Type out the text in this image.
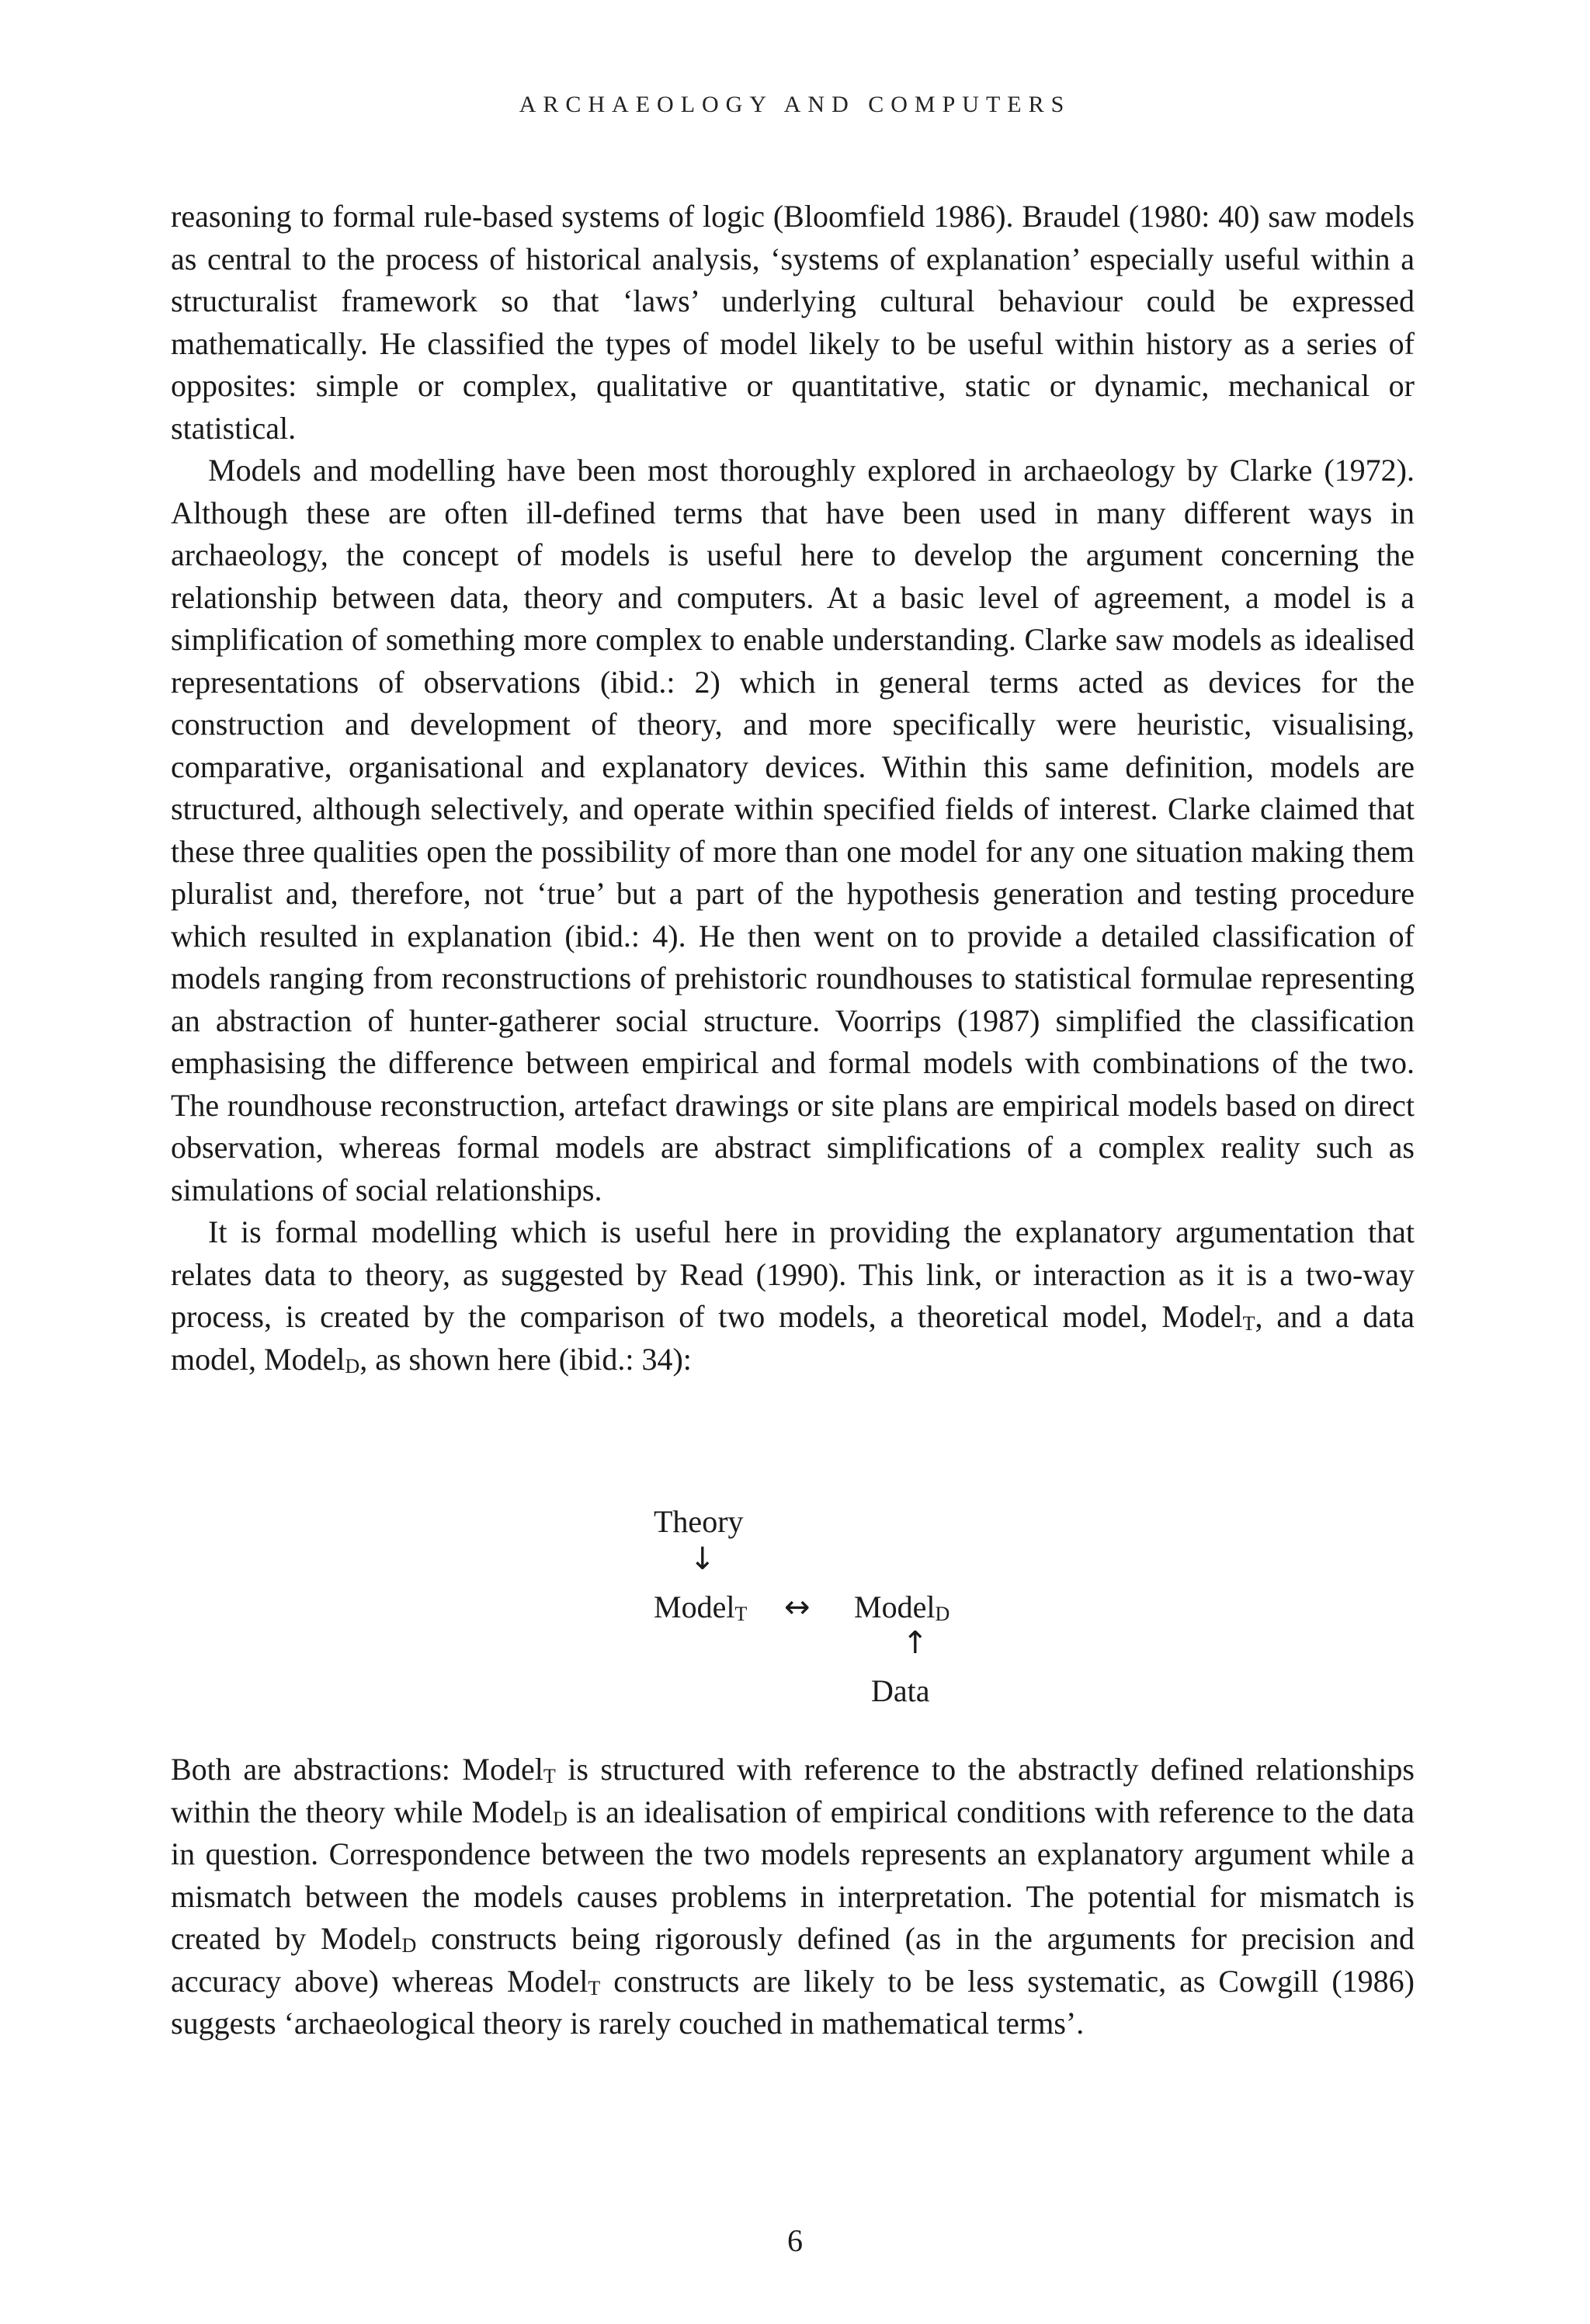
ARCHAEOLOGY AND COMPUTERS

reasoning to formal rule-based systems of logic (Bloomfield 1986). Braudel (1980: 40) saw models as central to the process of historical analysis, ‘systems of explanation’ especially useful within a structuralist framework so that ‘laws’ underlying cultural behaviour could be expressed mathematically. He classified the types of model likely to be useful within history as a series of opposites: simple or complex, qualitative or quantitative, static or dynamic, mechanical or statistical.

Models and modelling have been most thoroughly explored in archaeology by Clarke (1972). Although these are often ill-defined terms that have been used in many different ways in archaeology, the concept of models is useful here to develop the argument concerning the relationship between data, theory and computers. At a basic level of agreement, a model is a simplification of something more complex to enable understanding. Clarke saw models as idealised representations of observations (ibid.: 2) which in general terms acted as devices for the construction and development of theory, and more specifically were heuristic, visualising, comparative, organisational and explanatory devices. Within this same definition, models are structured, although selectively, and operate within specified fields of interest. Clarke claimed that these three qualities open the possibility of more than one model for any one situation making them pluralist and, therefore, not ‘true’ but a part of the hypothesis generation and testing procedure which resulted in explanation (ibid.: 4). He then went on to provide a detailed classification of models ranging from reconstructions of prehistoric roundhouses to statistical formulae representing an abstraction of hunter-gatherer social structure. Voorrips (1987) simplified the classification emphasising the difference between empirical and formal models with combinations of the two. The roundhouse reconstruction, artefact drawings or site plans are empirical models based on direct observation, whereas formal models are abstract simplifications of a complex reality such as simulations of social relationships.

It is formal modelling which is useful here in providing the explanatory argumentation that relates data to theory, as suggested by Read (1990). This link, or interaction as it is a two-way process, is created by the comparison of two models, a theoretical model, Model$_T$, and a data model, Model$_D$, as shown here (ibid.: 34):

Theory
↓
Model$_T$ ↔ Model$_D$
↑
Data

Both are abstractions: Model$_T$ is structured with reference to the abstractly defined relationships within the theory while Model$_D$ is an idealisation of empirical conditions with reference to the data in question. Correspondence between the two models represents an explanatory argument while a mismatch between the models causes problems in interpretation. The potential for mismatch is created by Model$_D$ constructs being rigorously defined (as in the arguments for precision and accuracy above) whereas Model$_T$ constructs are likely to be less systematic, as Cowgill (1986) suggests ‘archaeological theory is rarely couched in mathematical terms’.

6
